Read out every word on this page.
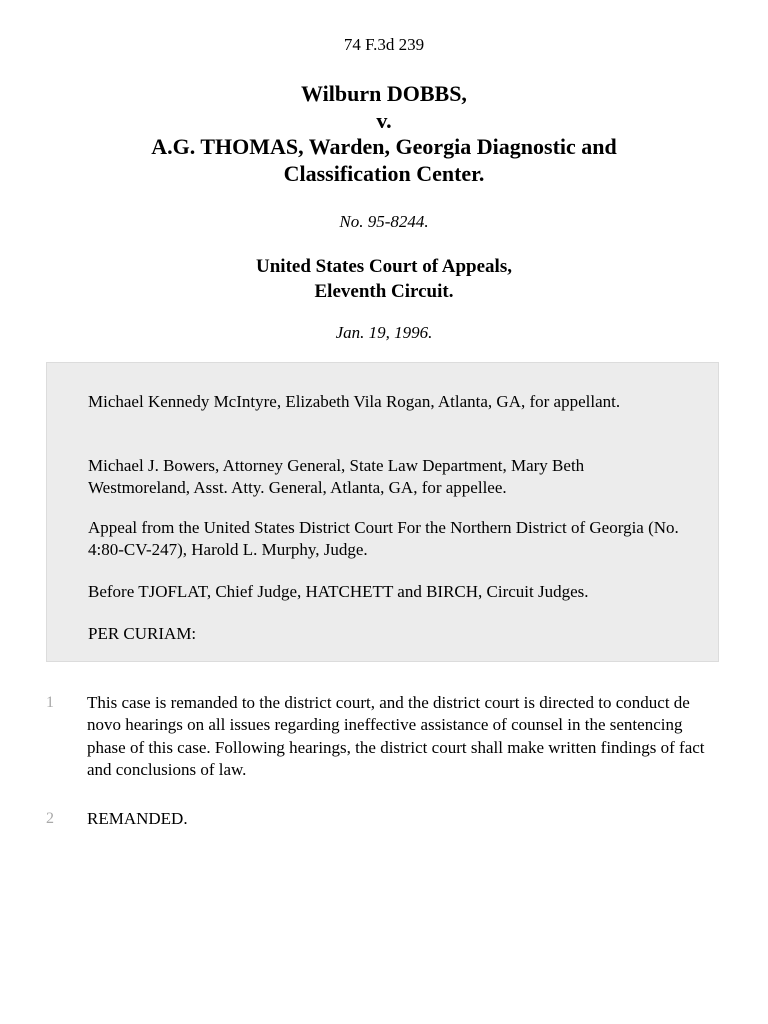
74 F.3d 239
Wilburn DOBBS,
v.
A.G. THOMAS, Warden, Georgia Diagnostic and
Classification Center.
No. 95-8244.
United States Court of Appeals,
Eleventh Circuit.
Jan. 19, 1996.

Michael Kennedy McIntyre, Elizabeth Vila Rogan, Atlanta, GA, for appellant.

Michael J. Bowers, Attorney General, State Law Department, Mary Beth Westmoreland, Asst. Atty. General, Atlanta, GA, for appellee.

Appeal from the United States District Court For the Northern District of Georgia (No. 4:80-CV-247), Harold L. Murphy, Judge.

Before TJOFLAT, Chief Judge, HATCHETT and BIRCH, Circuit Judges.

PER CURIAM:

1 This case is remanded to the district court, and the district court is directed to conduct de novo hearings on all issues regarding ineffective assistance of counsel in the sentencing phase of this case. Following hearings, the district court shall make written findings of fact and conclusions of law.

2 REMANDED.
